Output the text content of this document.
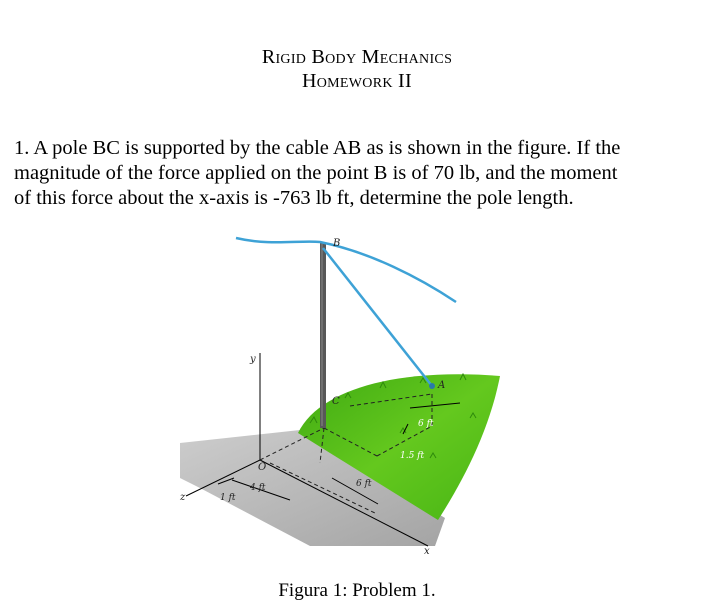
Rigid Body Mechanics
Homework II
1. A pole BC is supported by the cable AB as is shown in the figure. If the
magnitude of the force applied on the point B is of 70 lb, and the moment
of this force about the x-axis is -763 lb ft, determine the pole length.
B
A
C
O
y
z
x
6 ft
1.5 ft
6 ft
4 ft
1 ft
Figura 1: Problem 1.
